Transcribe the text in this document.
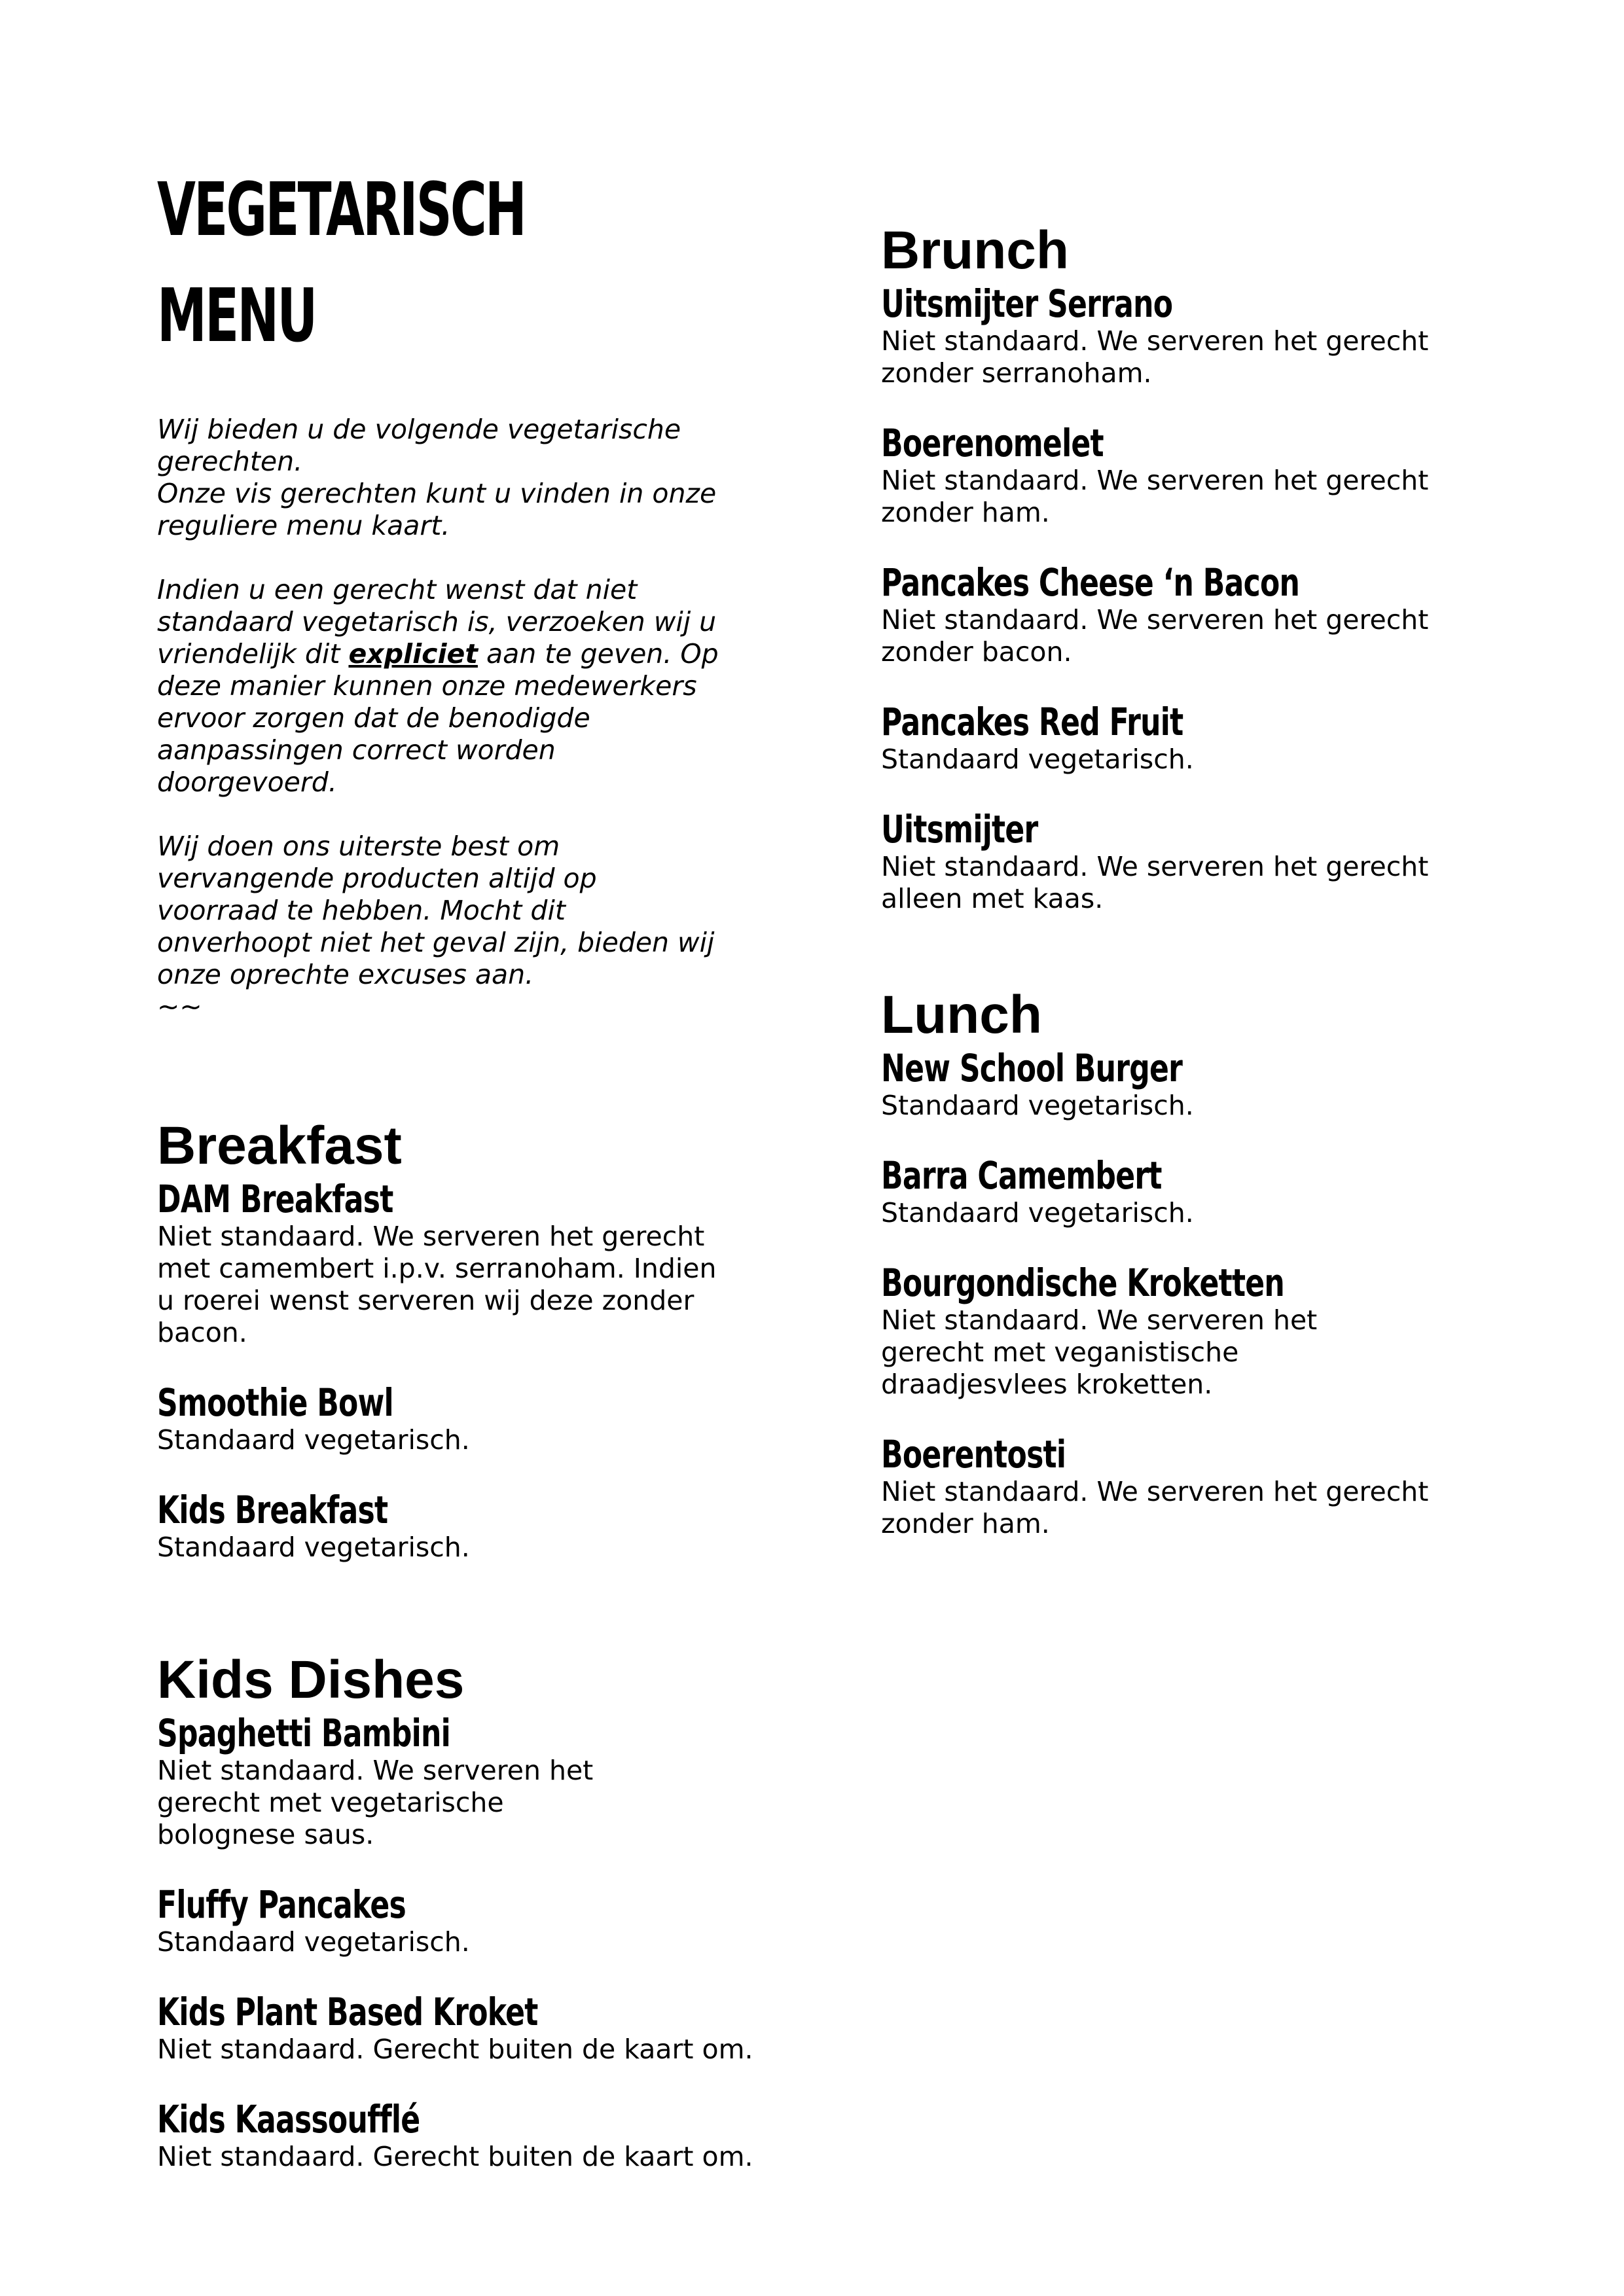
VEGETARISCH
MENU

Wij bieden u de volgende vegetarische
gerechten.
Onze vis gerechten kunt u vinden in onze
reguliere menu kaart.

Indien u een gerecht wenst dat niet
standaard vegetarisch is, verzoeken wij u
vriendelijk dit expliciet aan te geven. Op
deze manier kunnen onze medewerkers
ervoor zorgen dat de benodigde
aanpassingen correct worden
doorgevoerd.

Wij doen ons uiterste best om
vervangende producten altijd op
voorraad te hebben. Mocht dit
onverhoopt niet het geval zijn, bieden wij
onze oprechte excuses aan.

~~
Breakfast
DAM Breakfast
Niet standaard. We serveren het gerecht
met camembert i.p.v. serranoham. Indien
u roerei wenst serveren wij deze zonder
bacon.
Smoothie Bowl
Standaard vegetarisch.
Kids Breakfast
Standaard vegetarisch.
Kids Dishes
Spaghetti Bambini
Niet standaard. We serveren het
gerecht met vegetarische
bolognese saus.
Fluffy Pancakes
Standaard vegetarisch.
Kids Plant Based Kroket
Niet standaard. Gerecht buiten de kaart om.
Kids Kaassoufflé
Niet standaard. Gerecht buiten de kaart om.
Brunch
Uitsmijter Serrano
Niet standaard. We serveren het gerecht
zonder serranoham.
Boerenomelet
Niet standaard. We serveren het gerecht
zonder ham.
Pancakes Cheese ‘n Bacon
Niet standaard. We serveren het gerecht
zonder bacon.
Pancakes Red Fruit
Standaard vegetarisch.
Uitsmijter
Niet standaard. We serveren het gerecht
alleen met kaas.
Lunch
New School Burger
Standaard vegetarisch.
Barra Camembert
Standaard vegetarisch.
Bourgondische Kroketten
Niet standaard. We serveren het
gerecht met veganistische
draadjesvlees kroketten.
Boerentosti
Niet standaard. We serveren het gerecht
zonder ham.
